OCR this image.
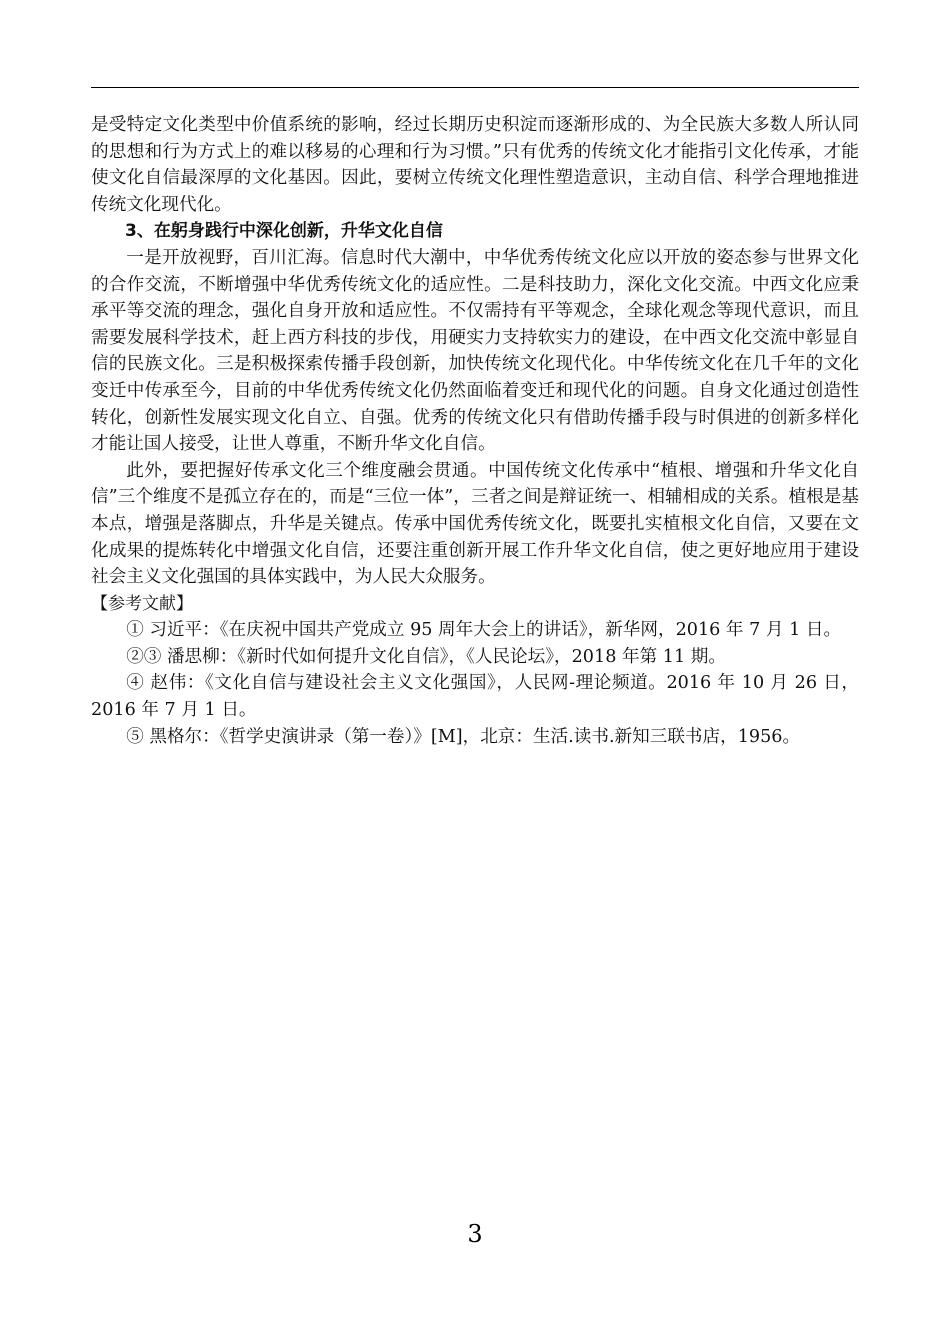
是受特定文化类型中价值系统的影响，经过长期历史积淀而逐渐形成的、为全民族大多数人所认同的思想和行为方式上的难以移易的心理和行为习惯。”只有优秀的传统文化才能指引文化传承，才能使文化自信最深厚的文化基因。因此，要树立传统文化理性塑造意识，主动自信、科学合理地推进传统文化现代化。

3、在躬身践行中深化创新，升华文化自信

一是开放视野，百川汇海。信息时代大潮中，中华优秀传统文化应以开放的姿态参与世界文化的合作交流，不断增强中华优秀传统文化的适应性。二是科技助力，深化文化交流。中西文化应秉承平等交流的理念，强化自身开放和适应性。不仅需持有平等观念，全球化观念等现代意识，而且需要发展科学技术，赶上西方科技的步伐，用硬实力支持软实力的建设，在中西文化交流中彰显自信的民族文化。三是积极探索传播手段创新，加快传统文化现代化。中华传统文化在几千年的文化变迁中传承至今，目前的中华优秀传统文化仍然面临着变迁和现代化的问题。自身文化通过创造性转化，创新性发展实现文化自立、自强。优秀的传统文化只有借助传播手段与时俱进的创新多样化才能让国人接受，让世人尊重，不断升华文化自信。

此外，要把握好传承文化三个维度融会贯通。中国传统文化传承中“植根、增强和升华文化自信”三个维度不是孤立存在的，而是“三位一体”，三者之间是辩证统一、相辅相成的关系。植根是基本点，增强是落脚点，升华是关键点。传承中国优秀传统文化，既要扎实植根文化自信，又要在文化成果的提炼转化中增强文化自信，还要注重创新开展工作升华文化自信，使之更好地应用于建设社会主义文化强国的具体实践中，为人民大众服务。

【参考文献】

① 习近平：《在庆祝中国共产党成立 95 周年大会上的讲话》，新华网，2016 年 7 月 1 日。

②③ 潘思柳：《新时代如何提升文化自信》，《人民论坛》，2018 年第 11 期。

④ 赵伟：《文化自信与建设社会主义文化强国》，人民网-理论频道。2016 年 10 月 26 日，2016 年 7 月 1 日。

⑤ 黑格尔：《哲学史演讲录（第一卷）》[M]，北京：生活.读书.新知三联书店，1956。

3
